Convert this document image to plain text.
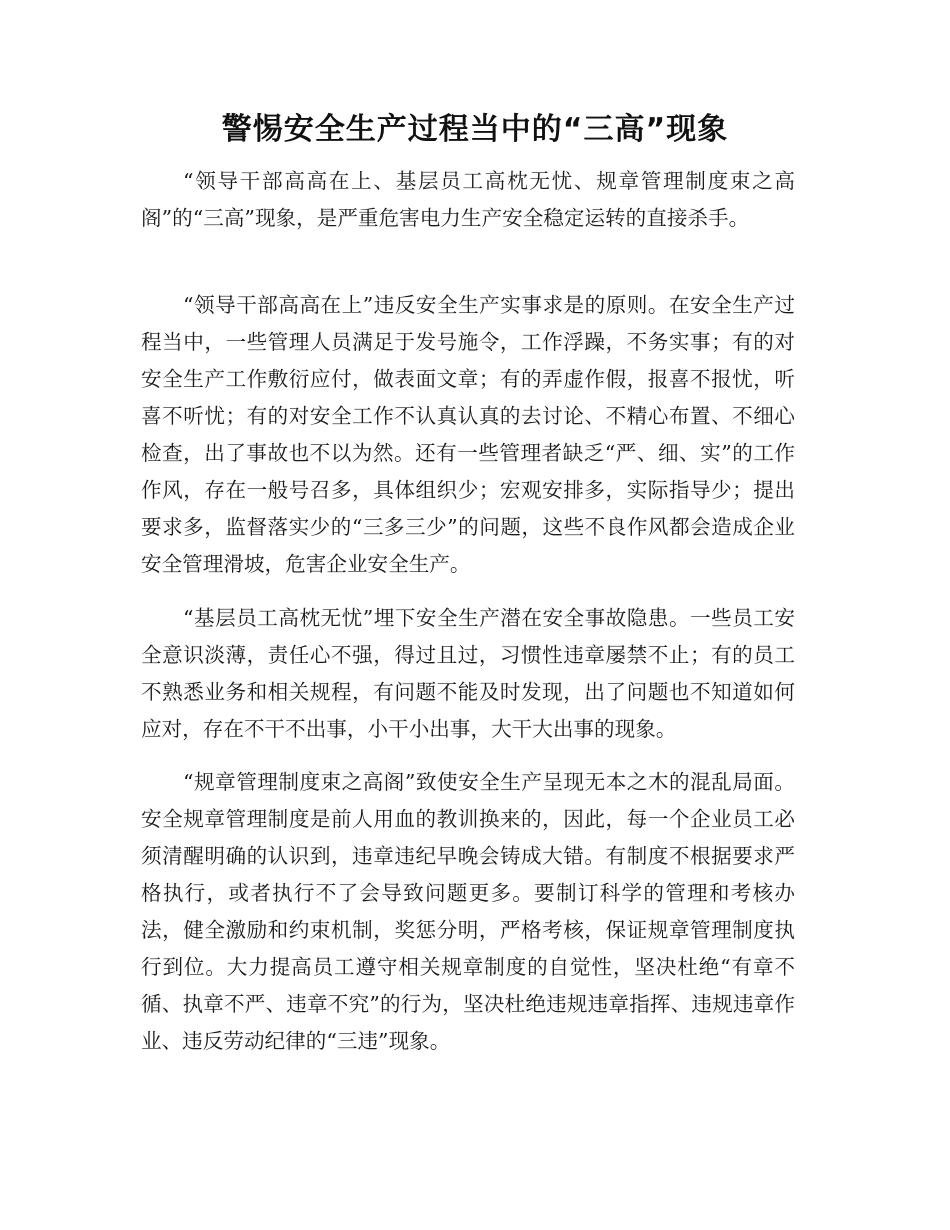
警惕安全生产过程当中的“三高”现象

“领导干部高高在上、基层员工高枕无忧、规章管理制度束之高阁”的“三高”现象，是严重危害电力生产安全稳定运转的直接杀手。

“领导干部高高在上”违反安全生产实事求是的原则。在安全生产过程当中，一些管理人员满足于发号施令，工作浮躁，不务实事；有的对安全生产工作敷衍应付，做表面文章；有的弄虚作假，报喜不报忧，听喜不听忧；有的对安全工作不认真认真的去讨论、不精心布置、不细心检查，出了事故也不以为然。还有一些管理者缺乏“严、细、实”的工作作风，存在一般号召多，具体组织少；宏观安排多，实际指导少；提出要求多，监督落实少的“三多三少”的问题，这些不良作风都会造成企业安全管理滑坡，危害企业安全生产。

“基层员工高枕无忧”埋下安全生产潜在安全事故隐患。一些员工安全意识淡薄，责任心不强，得过且过，习惯性违章屡禁不止；有的员工不熟悉业务和相关规程，有问题不能及时发现，出了问题也不知道如何应对，存在不干不出事，小干小出事，大干大出事的现象。

“规章管理制度束之高阁”致使安全生产呈现无本之木的混乱局面。安全规章管理制度是前人用血的教训换来的，因此，每一个企业员工必须清醒明确的认识到，违章违纪早晚会铸成大错。有制度不根据要求严格执行，或者执行不了会导致问题更多。要制订科学的管理和考核办法，健全激励和约束机制，奖惩分明，严格考核，保证规章管理制度执行到位。大力提高员工遵守相关规章制度的自觉性，坚决杜绝“有章不循、执章不严、违章不究”的行为，坚决杜绝违规违章指挥、违规违章作业、违反劳动纪律的“三违”现象。
